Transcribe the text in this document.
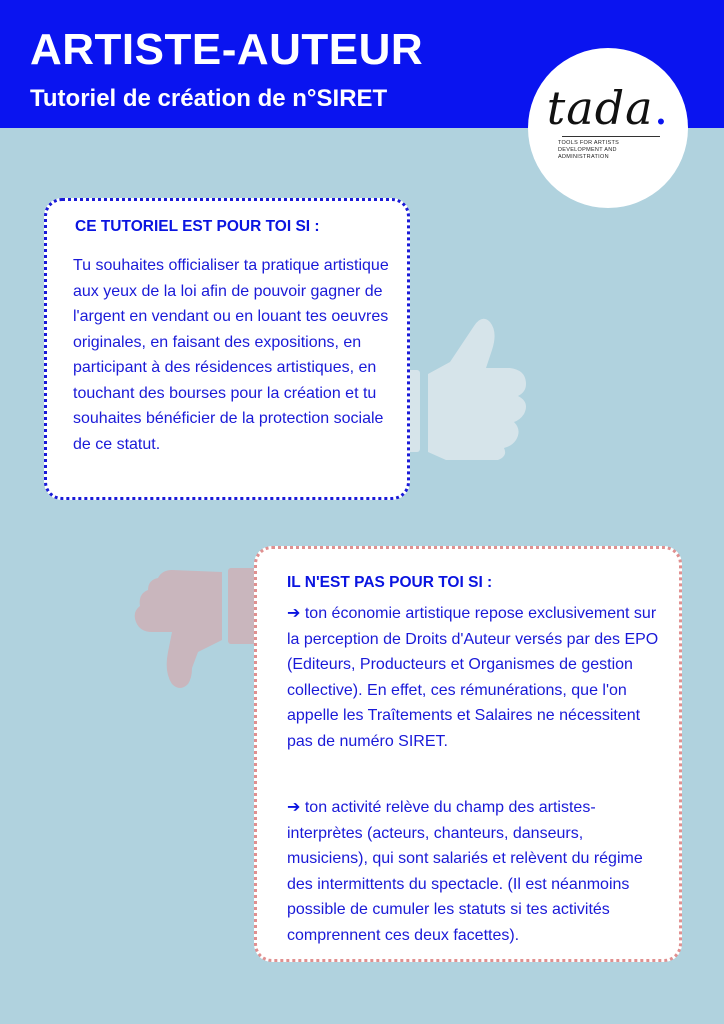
ARTISTE-AUTEUR
Tutoriel de création de n°SIRET	tada.
TOOLS FOR ARTISTS
DEVELOPMENT AND ADMINISTRATION
CE TUTORIEL EST POUR TOI SI :

Tu souhaites officialiser ta pratique artistique aux yeux de la loi afin de pouvoir gagner de l'argent en vendant ou en louant tes oeuvres originales, en faisant des expositions, en participant à des résidences artistiques, en touchant des bourses pour la création et tu souhaites bénéficier de la protection sociale de ce statut.

IL N'EST PAS POUR TOI SI :

➔ ton économie artistique repose exclusivement sur la perception de Droits d'Auteur versés par des EPO (Editeurs, Producteurs et Organismes de gestion collective). En effet, ces rémunérations, que l'on appelle les Traîtements et Salaires ne nécessitent pas de numéro SIRET.

➔ ton activité relève du champ des artistes-interprètes (acteurs, chanteurs, danseurs, musiciens), qui sont salariés et relèvent du régime des intermittents du spectacle. (Il est néanmoins possible de cumuler les statuts si tes activités comprennent ces deux facettes).
